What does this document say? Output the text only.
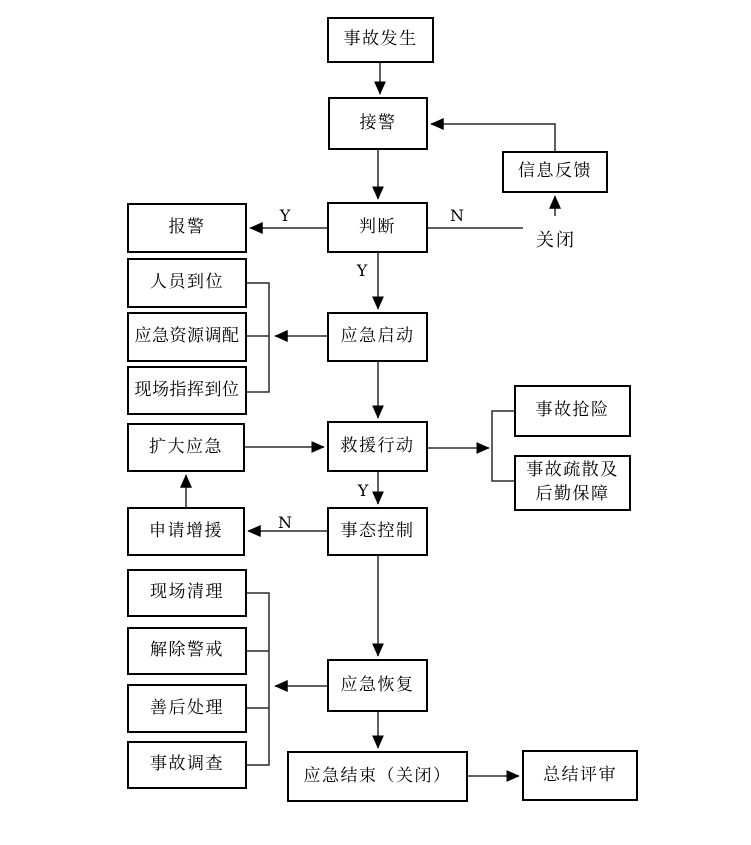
事故发生
接警
信息反馈
报警	判断
人员到位
应急资源调配
现场指挥到位
应急启动
扩大应急	救援行动
事故抢险
事故疏散及
后勤保障
申请增援	事态控制
现场清理
解除警戒
善后处理
事故调查
应急恢复
应急结束（关闭）	总结评审
关闭
Y	N
Y
Y
N
